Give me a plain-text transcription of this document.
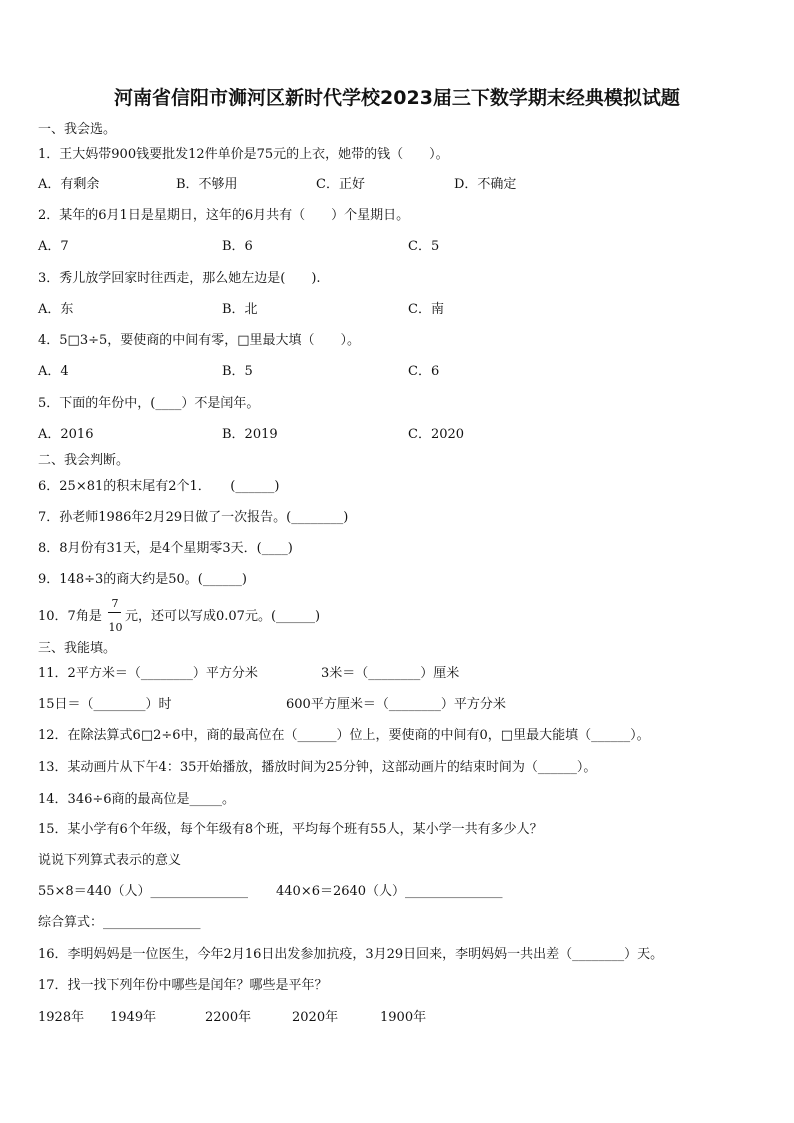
河南省信阳市浉河区新时代学校2023届三下数学期末经典模拟试题
一、我会选。
1．王大妈带900钱要批发12件单价是75元的上衣，她带的钱（　　）。
A．有剩余	B．不够用	C．正好	D．不确定
2．某年的6月1日是星期日，这年的6月共有（　　）个星期日。
A．7	B．6	C．5
3．秀儿放学回家时往西走，那么她左边是(　　).
A．东	B．北	C．南
4．5□3÷5，要使商的中间有零，□里最大填（　　）。
A．4	B．5	C．6
5．下面的年份中，(____）不是闰年。
A．2016	B．2019	C．2020
二、我会判断。
6．25×81的积末尾有2个1．　　(______)
7．孙老师1986年2月29日做了一次报告。(________)
8．8月份有31天，是4个星期零3天．(____)
9．148÷3的商大约是50。(______)
10．7角是
7
10
元，还可以写成0.07元。(______)
三、我能填。
11．2平方米＝（________）平方分米	3米＝（________）厘米
15日＝（________）时	600平方厘米＝（________）平方分米
12．在除法算式6□2÷6中，商的最高位在（______）位上，要使商的中间有0，□里最大能填（______）。
13．某动画片从下午4：35开始播放，播放时间为25分钟，这部动画片的结束时间为（______）。
14．346÷6商的最高位是_____。
15．某小学有6个年级，每个年级有8个班，平均每个班有55人，某小学一共有多少人？
说说下列算式表示的意义
55×8＝440（人）_______________ 440×6＝2640（人）_______________
综合算式：_______________
16．李明妈妈是一位医生，今年2月16日出发参加抗疫，3月29日回来，李明妈妈一共出差（________）天。
17．找一找下列年份中哪些是闰年？哪些是平年？
1928年 1949年	2200年	2020年	1900年
